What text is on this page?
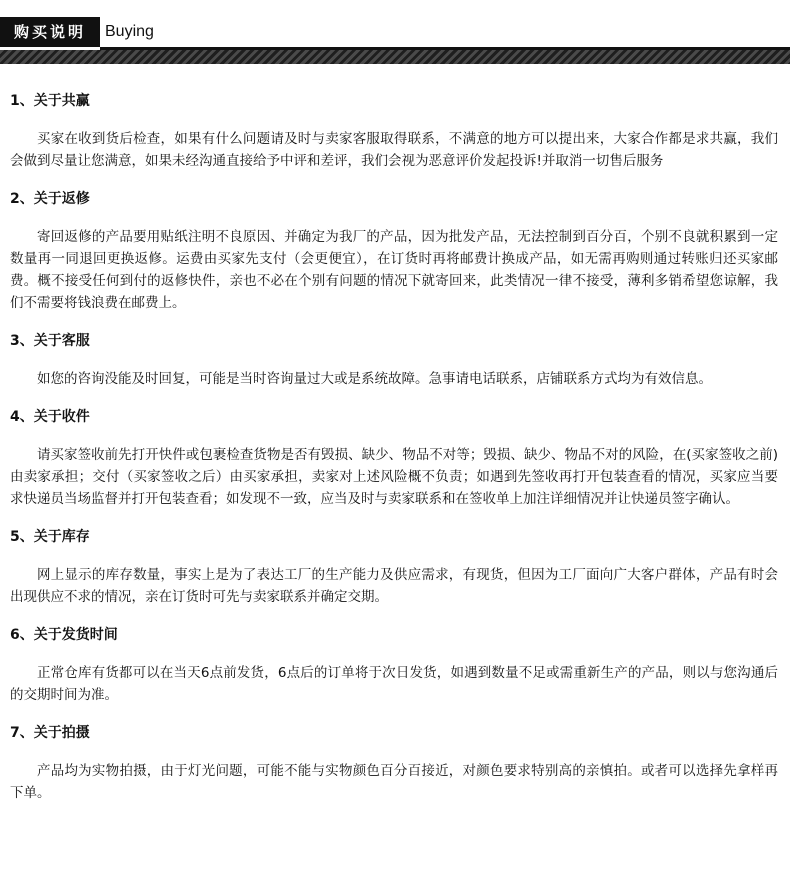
购买说明	Buying
1、关于共赢

买家在收到货后检查，如果有什么问题请及时与卖家客服取得联系，不满意的地方可以提出来，大家合作都是求共赢，我们会做到尽量让您满意，如果未经沟通直接给予中评和差评，我们会视为恶意评价发起投诉!并取消一切售后服务

2、关于返修

寄回返修的产品要用贴纸注明不良原因、并确定为我厂的产品，因为批发产品，无法控制到百分百，个别不良就积累到一定数量再一同退回更换返修。运费由买家先支付（会更便宜），在订货时再将邮费计换成产品，如无需再购则通过转账归还买家邮费。概不接受任何到付的返修快件，亲也不必在个别有问题的情况下就寄回来，此类情况一律不接受，薄利多销希望您谅解，我们不需要将钱浪费在邮费上。

3、关于客服

如您的咨询没能及时回复，可能是当时咨询量过大或是系统故障。急事请电话联系，店铺联系方式均为有效信息。

4、关于收件

请买家签收前先打开快件或包裹检查货物是否有毁损、缺少、物品不对等；毁损、缺少、物品不对的风险，在(买家签收之前)由卖家承担；交付（买家签收之后）由买家承担，卖家对上述风险概不负责；如遇到先签收再打开包装查看的情况，买家应当要求快递员当场监督并打开包装查看；如发现不一致，应当及时与卖家联系和在签收单上加注详细情况并让快递员签字确认。

5、关于库存

网上显示的库存数量，事实上是为了表达工厂的生产能力及供应需求，有现货，但因为工厂面向广大客户群体，产品有时会出现供应不求的情况，亲在订货时可先与卖家联系并确定交期。

6、关于发货时间

正常仓库有货都可以在当天6点前发货，6点后的订单将于次日发货，如遇到数量不足或需重新生产的产品，则以与您沟通后的交期时间为准。

7、关于拍摄

产品均为实物拍摄，由于灯光问题，可能不能与实物颜色百分百接近，对颜色要求特别高的亲慎拍。或者可以选择先拿样再下单。
